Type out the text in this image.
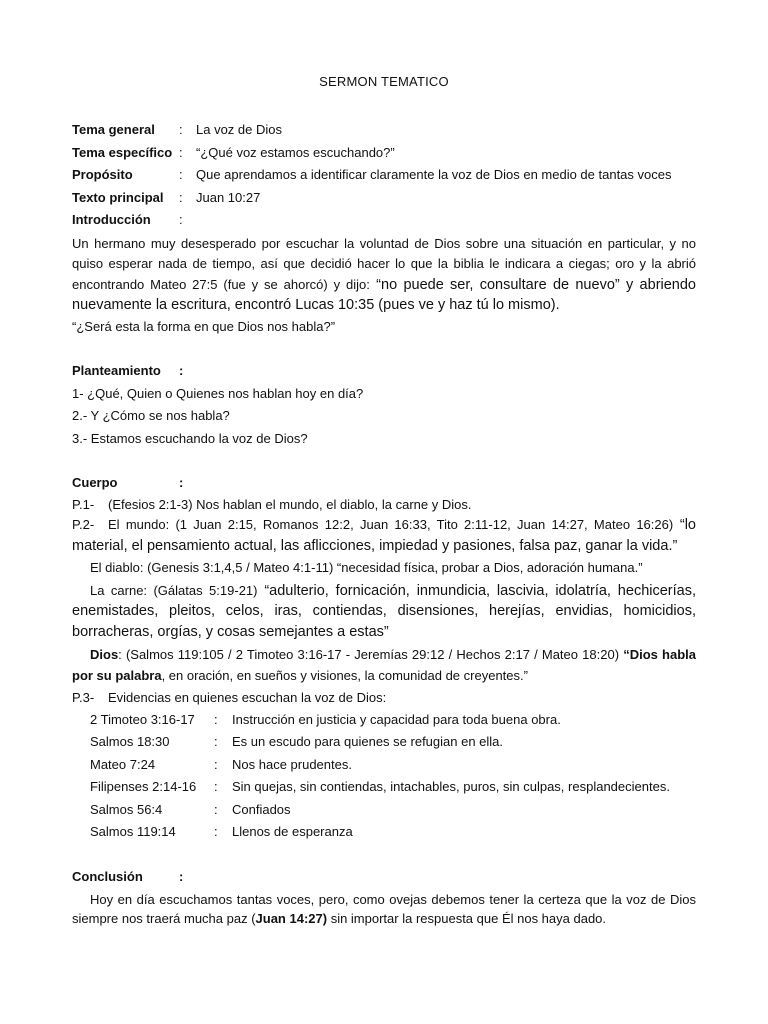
SERMON TEMATICO
Tema general	:	La voz de Dios
Tema específico :	“¿Qué voz estamos escuchando?”
Propósito	:	Que aprendamos a identificar claramente la voz de Dios en medio de tantas voces
Texto principal	:	Juan 10:27
Introducción	:

Un hermano muy desesperado por escuchar la voluntad de Dios sobre una situación en particular, y no quiso esperar nada de tiempo, así que decidió hacer lo que la biblia le indicara a ciegas; oro y la abrió encontrando Mateo 27:5 (fue y se ahorcó) y dijo: “no puede ser, consultare de nuevo” y abriendo nuevamente la escritura, encontró Lucas 10:35 (pues ve y haz tú lo mismo).

“¿Será esta la forma en que Dios nos habla?”

Planteamiento	:

1- ¿Qué, Quien o Quienes nos hablan hoy en día?

2.- Y ¿Cómo se nos habla?

3.- Estamos escuchando la voz de Dios?

Cuerpo	:

P.1- (Efesios 2:1-3) Nos hablan el mundo, el diablo, la carne y Dios.

P.2- El mundo: (1 Juan 2:15, Romanos 12:2, Juan 16:33, Tito 2:11-12, Juan 14:27, Mateo 16:26) “lo material, el pensamiento actual, las aflicciones, impiedad y pasiones, falsa paz, ganar la vida.”

El diablo: (Genesis 3:1,4,5 / Mateo 4:1-11) “necesidad física, probar a Dios, adoración humana.”

La carne: (Gálatas 5:19-21) “adulterio, fornicación, inmundicia, lascivia, idolatría, hechicerías, enemistades, pleitos, celos, iras, contiendas, disensiones, herejías, envidias, homicidios, borracheras, orgías, y cosas semejantes a estas”

Dios: (Salmos 119:105 / 2 Timoteo 3:16-17 - Jeremías 29:12 / Hechos 2:17 / Mateo 18:20) “Dios habla por su palabra, en oración, en sueños y visiones, la comunidad de creyentes.”

P.3- Evidencias en quienes escuchan la voz de Dios:

2 Timoteo 3:16-17	:	Instrucción en justicia y capacidad para toda buena obra.
Salmos 18:30	:	Es un escudo para quienes se refugian en ella.
Mateo 7:24	:	Nos hace prudentes.
Filipenses 2:14-16	:	Sin quejas, sin contiendas, intachables, puros, sin culpas, resplandecientes.
Salmos 56:4	:	Confiados
Salmos 119:14	:	Llenos de esperanza
Conclusión	:

Hoy en día escuchamos tantas voces, pero, como ovejas debemos tener la certeza que la voz de Dios siempre nos traerá mucha paz (Juan 14:27) sin importar la respuesta que Él nos haya dado.
